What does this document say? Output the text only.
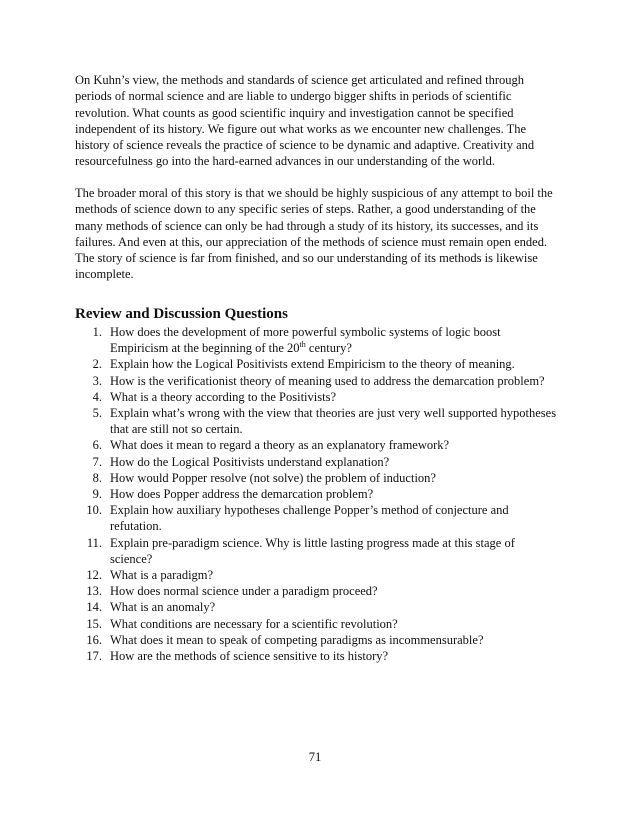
On Kuhn’s view, the methods and standards of science get articulated and refined through periods of normal science and are liable to undergo bigger shifts in periods of scientific revolution. What counts as good scientific inquiry and investigation cannot be specified independent of its history. We figure out what works as we encounter new challenges. The history of science reveals the practice of science to be dynamic and adaptive. Creativity and resourcefulness go into the hard-earned advances in our understanding of the world.

The broader moral of this story is that we should be highly suspicious of any attempt to boil the methods of science down to any specific series of steps. Rather, a good understanding of the many methods of science can only be had through a study of its history, its successes, and its failures. And even at this, our appreciation of the methods of science must remain open ended. The story of science is far from finished, and so our understanding of its methods is likewise incomplete.

Review and Discussion Questions
1. How does the development of more powerful symbolic systems of logic boost Empiricism at the beginning of the 20th century?
2. Explain how the Logical Positivists extend Empiricism to the theory of meaning.
3. How is the verificationist theory of meaning used to address the demarcation problem?
4. What is a theory according to the Positivists?
5. Explain what’s wrong with the view that theories are just very well supported hypotheses that are still not so certain.
6. What does it mean to regard a theory as an explanatory framework?
7. How do the Logical Positivists understand explanation?
8. How would Popper resolve (not solve) the problem of induction?
9. How does Popper address the demarcation problem?
10. Explain how auxiliary hypotheses challenge Popper’s method of conjecture and refutation.
11. Explain pre-paradigm science. Why is little lasting progress made at this stage of science?
12. What is a paradigm?
13. How does normal science under a paradigm proceed?
14. What is an anomaly?
15. What conditions are necessary for a scientific revolution?
16. What does it mean to speak of competing paradigms as incommensurable?
17. How are the methods of science sensitive to its history?

71
